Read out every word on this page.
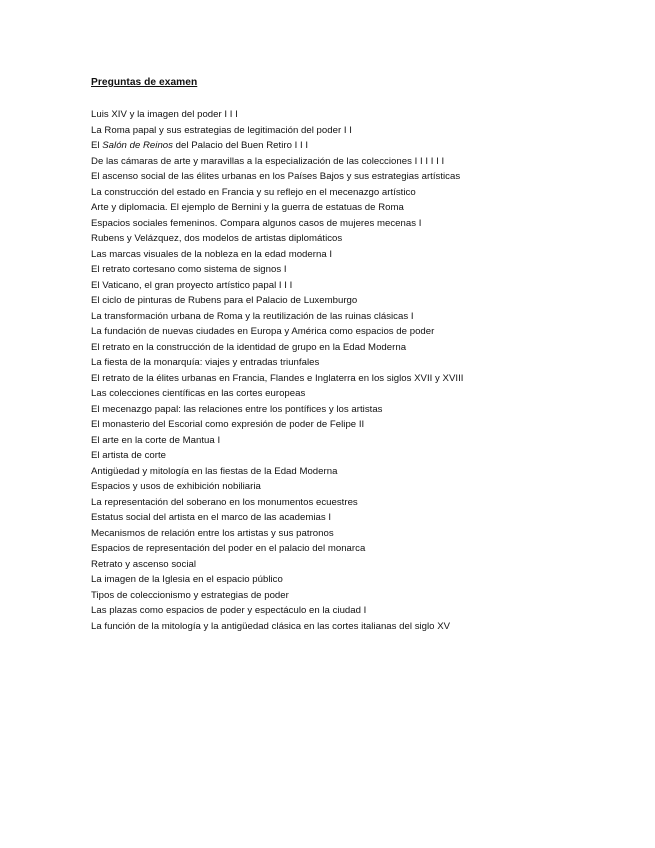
Preguntas de examen
Luis XIV y la imagen del poder I I I
La Roma papal y sus estrategias de legitimación del poder I I
El Salón de Reinos del Palacio del Buen Retiro I I I
De las cámaras de arte y maravillas a la especialización de las colecciones I I I I I I
El ascenso social de las élites urbanas en los Países Bajos y sus estrategias artísticas
La construcción del estado en Francia y su reflejo en el mecenazgo artístico
Arte y diplomacia. El ejemplo de Bernini y la guerra de estatuas de Roma
Espacios sociales femeninos. Compara algunos casos de mujeres mecenas I
Rubens y Velázquez, dos modelos de artistas diplomáticos
Las marcas visuales de la nobleza en la edad moderna I
El retrato cortesano como sistema de signos I
El Vaticano, el gran proyecto artístico papal I I I
El ciclo de pinturas de Rubens para el Palacio de Luxemburgo
La transformación urbana de Roma y la reutilización de las ruinas clásicas I
La fundación de nuevas ciudades en Europa y América como espacios de poder
El retrato en la construcción de la identidad de grupo en la Edad Moderna
La fiesta de la monarquía: viajes y entradas triunfales
El retrato de la élites urbanas en Francia, Flandes e Inglaterra en los siglos XVII y XVIII
Las colecciones científicas en las cortes europeas
El mecenazgo papal: las relaciones entre los pontífices y los artistas
El monasterio del Escorial como expresión de poder de Felipe II
El arte en la corte de Mantua I
El artista de corte
Antigüedad y mitología en las fiestas de la Edad Moderna
Espacios y usos de exhibición nobiliaria
La representación del soberano en los monumentos ecuestres
Estatus social del artista en el marco de las academias I
Mecanismos de relación entre los artistas y sus patronos
Espacios de representación del poder en el palacio del monarca
Retrato y ascenso social
La imagen de la Iglesia en el espacio público
Tipos de coleccionismo y estrategias de poder
Las plazas como espacios de poder y espectáculo en la ciudad I
La función de la mitología y la antigüedad clásica en las cortes italianas del siglo XV
